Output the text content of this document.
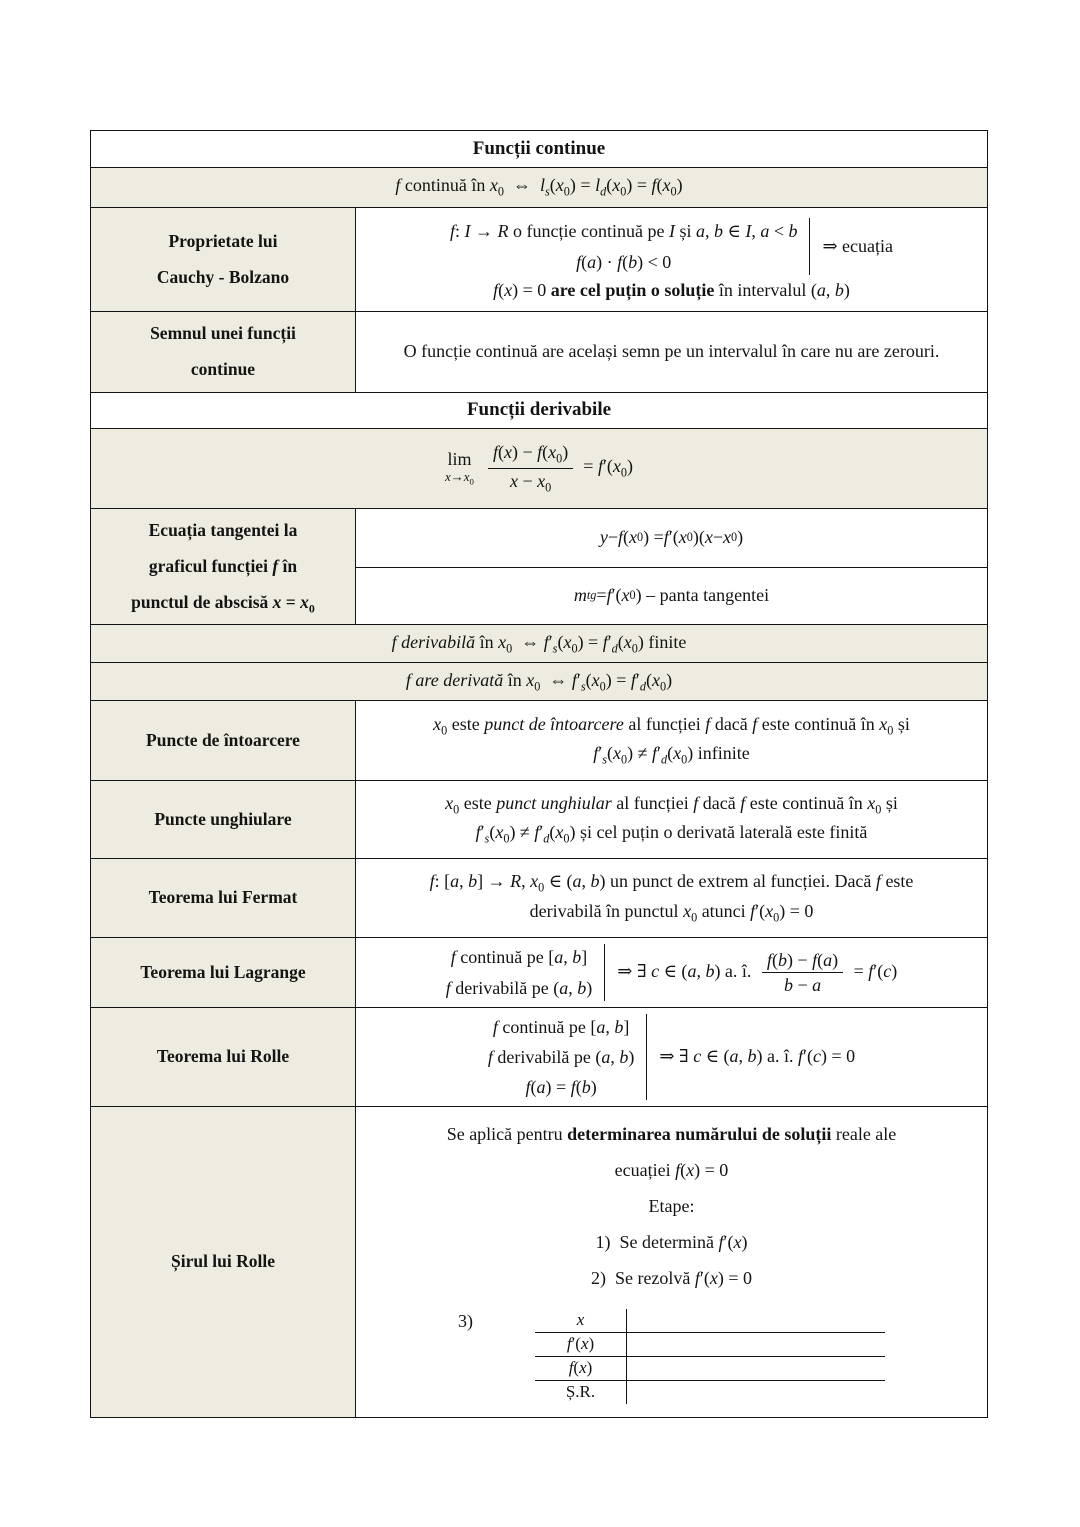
Funcții continue
f continuă în $x_0$  ⇔  $l_s(x_0) = l_d(x_0) = f(x_0)$
Proprietate lui
Cauchy - Bolzano
f: I → R o funcție continuă pe I și a, b ∈ I, a < b
f(a) · f(b) < 0
⇒ ecuația
f(x) = 0 are cel puțin o soluție în intervalul (a, b)
Semnul unei funcții
continue
O funcție continuă are același semn pe un intervalul în care nu are zerouri.
Funcții derivabile
lim
$x\to x_0 \frac{f(x) - f(x_0)}{x - x_0} = f'(x_0)$
Ecuația tangentei la
graficul funcției f în
punctul de abscisă $x = x_0$
y − f ( x 0 ) = f ′( x 0 )( x − x 0 )
m tg = f ′( x 0 ) – panta tangentei
f derivabilă în $x_0$  ⇔ $f'_s(x_0) = f'_d(x_0)$ finite
f are derivată în $x_0$  ⇔ $f'_s(x_0) = f'_d(x_0)$
Puncte de întoarcere
$x_0$ este punct de întoarcere al funcției f dacă f este continuă în $x_0$ și
$f'_s(x_0) \ne f'_d(x_0)$ infinite
Puncte unghiulare
$x_0$ este punct unghiular al funcției f dacă f este continuă în $x_0$ și
$f'_s(x_0) \ne f'_d(x_0)$ și cel puțin o derivată laterală este finită
Teorema lui Fermat
f: [a, b] → R, $x_0$ ∈ (a, b) un punct de extrem al funcției. Dacă f este
derivabilă în punctul $x_0$ atunci $f'(x_0) = 0$
Teorema lui Lagrange
f continuă pe [a, b]
f derivabilă pe (a, b)
⇒ ∃ c ∈ (a, b) a. î. $\frac{f(b) - f(a)}{b - a} = f'(c)$
Teorema lui Rolle
f continuă pe [a, b]
f derivabilă pe (a, b)
f(a) = f(b)
⇒ ∃ c ∈ (a, b) a. î. f′(c) = 0
Șirul lui Rolle
Se aplică pentru determinarea numărului de soluții reale ale
ecuației f(x) = 0
Etape:
1)  Se determină f′(x)
2)  Se rezolvă f′(x) = 0
3)	x
f′(x)
f(x)
Ș.R.
